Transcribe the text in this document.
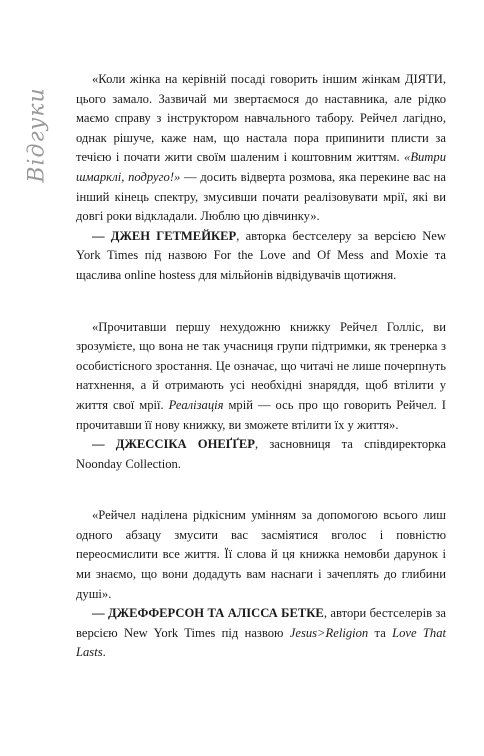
Відгуки

«Коли жінка на керівній посаді говорить іншим жінкам ДІЯТИ, цього замало. Зазвичай ми звертаємося до наставника, але рідко маємо справу з інструктором навчального табору. Рейчел лагідно, однак рішуче, каже нам, що настала пора припинити плисти за течією і почати жити своїм шаленим і коштовним життям. «Витри шмарклі, подруго!» — досить відверта розмова, яка перекине вас на інший кінець спектру, змусивши почати реалізовувати мрії, які ви довгі роки відкладали. Люблю цю дівчинку».

— ДЖЕН ГЕТМЕЙКЕР, авторка бестселеру за версією New York Times під назвою For the Love and Of Mess and Moxie та щаслива online hostess для мільйонів відвідувачів щотижня.

«Прочитавши першу нехудожню книжку Рейчел Голліс, ви зрозумієте, що вона не так учасниця групи підтримки, як тренерка з особистісного зростання. Це означає, що читачі не лише почерпнуть натхнення, а й отримають усі необхідні знаряддя, щоб втілити у життя свої мрії. Реалізація мрій — ось про що говорить Рейчел. І прочитавши її нову книжку, ви зможете втілити їх у життя».

— ДЖЕССІКА ОНЕҐҐЕР, засновниця та співдиректорка Noonday Collection.

«Рейчел наділена рідкісним умінням за допомогою всього лиш одного абзацу змусити вас засміятися вголос і повністю переосмислити все життя. Її слова й ця книжка немовби дарунок і ми знаємо, що вони додадуть вам наснаги і зачеплять до глибини душі».

— ДЖЕФФЕРСОН ТА АЛІССА БЕТКЕ, автори бестселерів за версією New York Times під назвою Jesus>Religion та Love That Lasts.
